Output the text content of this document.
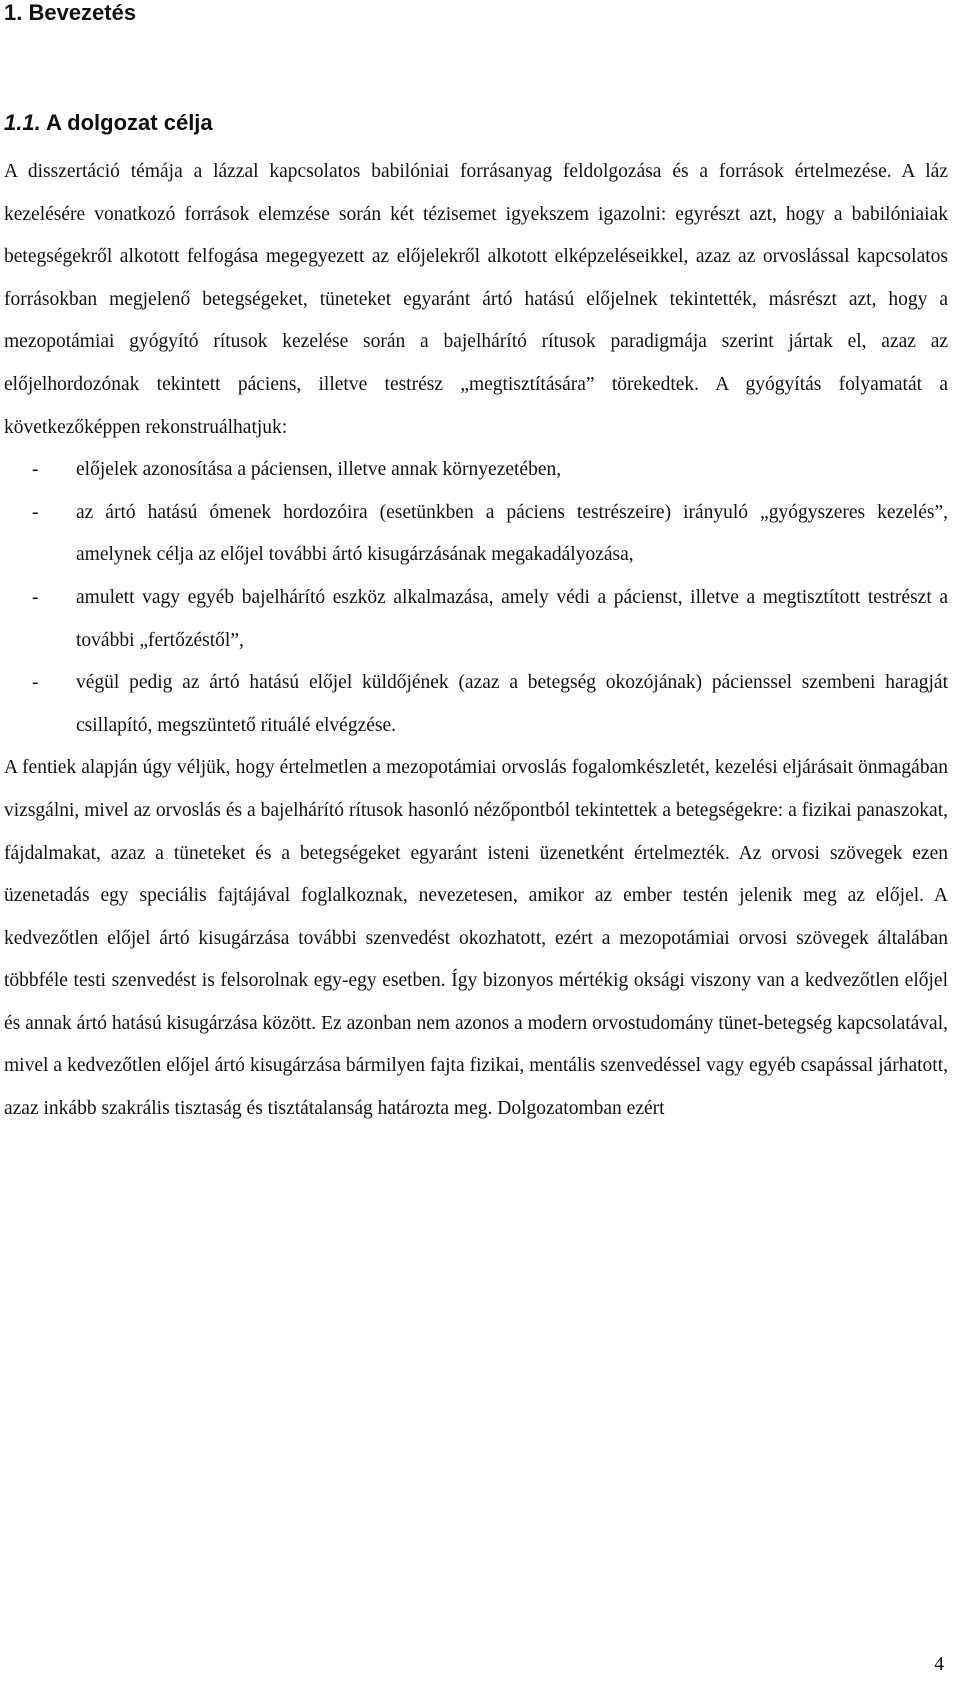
1. Bevezetés
1.1. A dolgozat célja

A disszertáció témája a lázzal kapcsolatos babilóniai forrásanyag feldolgozása és a források értelmezése. A láz kezelésére vonatkozó források elemzése során két tézisemet igyekszem igazolni: egyrészt azt, hogy a babilóniaiak betegségekről alkotott felfogása megegyezett az előjelekről alkotott elképzeléseikkel, azaz az orvoslással kapcsolatos forrásokban megjelenő betegségeket, tüneteket egyaránt ártó hatású előjelnek tekintették, másrészt azt, hogy a mezopotámiai gyógyító rítusok kezelése során a bajelhárító rítusok paradigmája szerint jártak el, azaz az előjelhordozónak tekintett páciens, illetve testrész „megtisztítására” törekedtek. A gyógyítás folyamatát a következőképpen rekonstruálhatjuk:

- előjelek azonosítása a páciensen, illetve annak környezetében,
- az ártó hatású ómenek hordozóira (esetünkben a páciens testrészeire) irányuló „gyógyszeres kezelés”, amelynek célja az előjel további ártó kisugárzásának megakadályozása,
- amulett vagy egyéb bajelhárító eszköz alkalmazása, amely védi a pácienst, illetve a megtisztított testrészt a további „fertőzéstől”,
- végül pedig az ártó hatású előjel küldőjének (azaz a betegség okozójának) pácienssel szembeni haragját csillapító, megszüntető rituálé elvégzése.

A fentiek alapján úgy véljük, hogy értelmetlen a mezopotámiai orvoslás fogalomkészletét, kezelési eljárásait önmagában vizsgálni, mivel az orvoslás és a bajelhárító rítusok hasonló nézőpontból tekintettek a betegségekre: a fizikai panaszokat, fájdalmakat, azaz a tüneteket és a betegségeket egyaránt isteni üzenetként értelmezték. Az orvosi szövegek ezen üzenetadás egy speciális fajtájával foglalkoznak, nevezetesen, amikor az ember testén jelenik meg az előjel. A kedvezőtlen előjel ártó kisugárzása további szenvedést okozhatott, ezért a mezopotámiai orvosi szövegek általában többféle testi szenvedést is felsorolnak egy-egy esetben. Így bizonyos mértékig oksági viszony van a kedvezőtlen előjel és annak ártó hatású kisugárzása között. Ez azonban nem azonos a modern orvostudomány tünet-betegség kapcsolatával, mivel a kedvezőtlen előjel ártó kisugárzása bármilyen fajta fizikai, mentális szenvedéssel vagy egyéb csapással járhatott, azaz inkább szakrális tisztaság és tisztátalanság határozta meg. Dolgozatomban ezért

4
